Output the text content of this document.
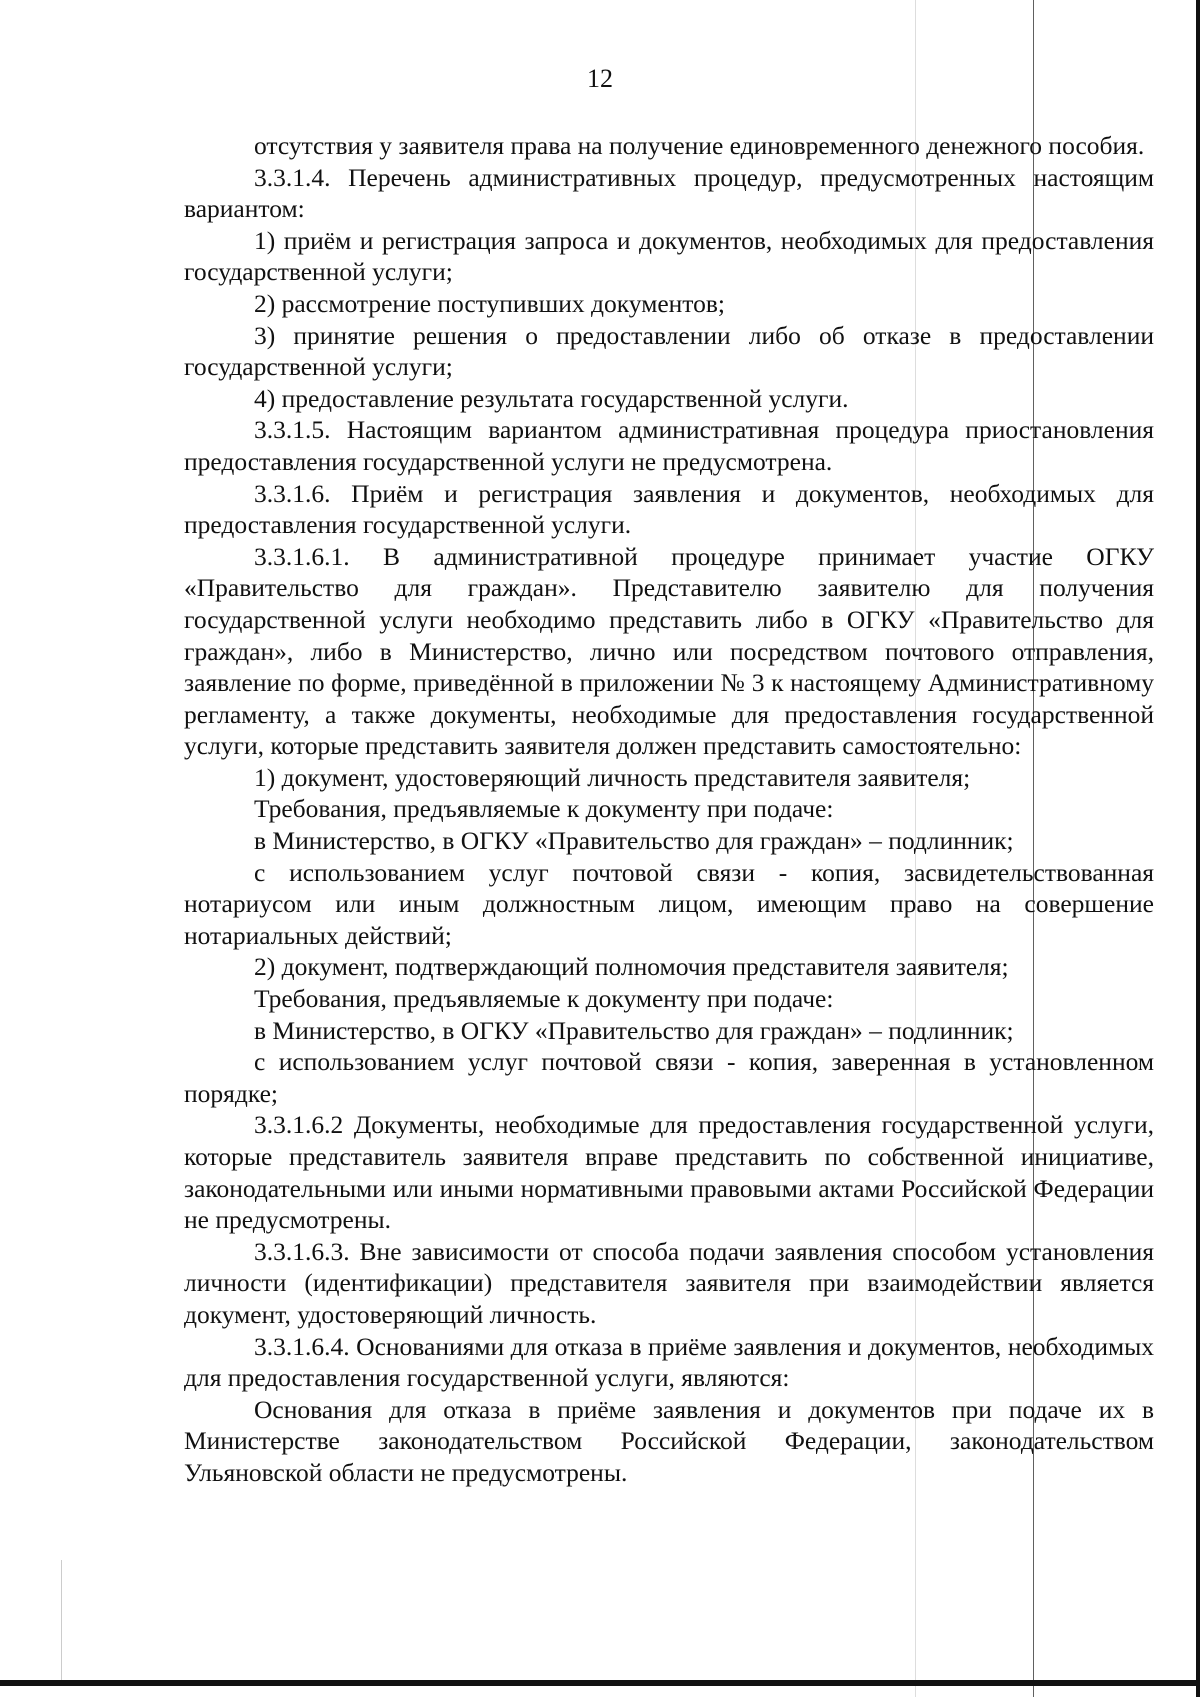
12

отсутствия у заявителя права на получение единовременного денежного пособия.

3.3.1.4. Перечень административных процедур, предусмотренных настоящим вариантом:

1) приём и регистрация запроса и документов, необходимых для предоставления государственной услуги;

2) рассмотрение поступивших документов;

3) принятие решения о предоставлении либо об отказе в предоставлении государственной услуги;

4) предоставление результата государственной услуги.

3.3.1.5. Настоящим вариантом административная процедура приостановления предоставления государственной услуги не предусмотрена.

3.3.1.6. Приём и регистрация заявления и документов, необходимых для предоставления государственной услуги.

3.3.1.6.1. В административной процедуре принимает участие ОГКУ «Правительство для граждан». Представителю заявителю для получения государственной услуги необходимо представить либо в ОГКУ «Правительство для граждан», либо в Министерство, лично или посредством почтового отправления, заявление по форме, приведённой в приложении № 3 к настоящему Административному регламенту, а также документы, необходимые для предоставления государственной услуги, которые представить заявителя должен представить самостоятельно:

1) документ, удостоверяющий личность представителя заявителя;

Требования, предъявляемые к документу при подаче:

в Министерство, в ОГКУ «Правительство для граждан» – подлинник;

с использованием услуг почтовой связи - копия, засвидетельствованная нотариусом или иным должностным лицом, имеющим право на совершение нотариальных действий;

2) документ, подтверждающий полномочия представителя заявителя;

Требования, предъявляемые к документу при подаче:

в Министерство, в ОГКУ «Правительство для граждан» – подлинник;

с использованием услуг почтовой связи - копия, заверенная в установленном порядке;

3.3.1.6.2 Документы, необходимые для предоставления государственной услуги, которые представитель заявителя вправе представить по собственной инициативе, законодательными или иными нормативными правовыми актами Российской Федерации не предусмотрены.

3.3.1.6.3. Вне зависимости от способа подачи заявления способом установления личности (идентификации) представителя заявителя при взаимодействии является документ, удостоверяющий личность.

3.3.1.6.4. Основаниями для отказа в приёме заявления и документов, необходимых для предоставления государственной услуги, являются:

Основания для отказа в приёме заявления и документов при подаче их в Министерстве законодательством Российской Федерации, законодательством Ульяновской области не предусмотрены.
